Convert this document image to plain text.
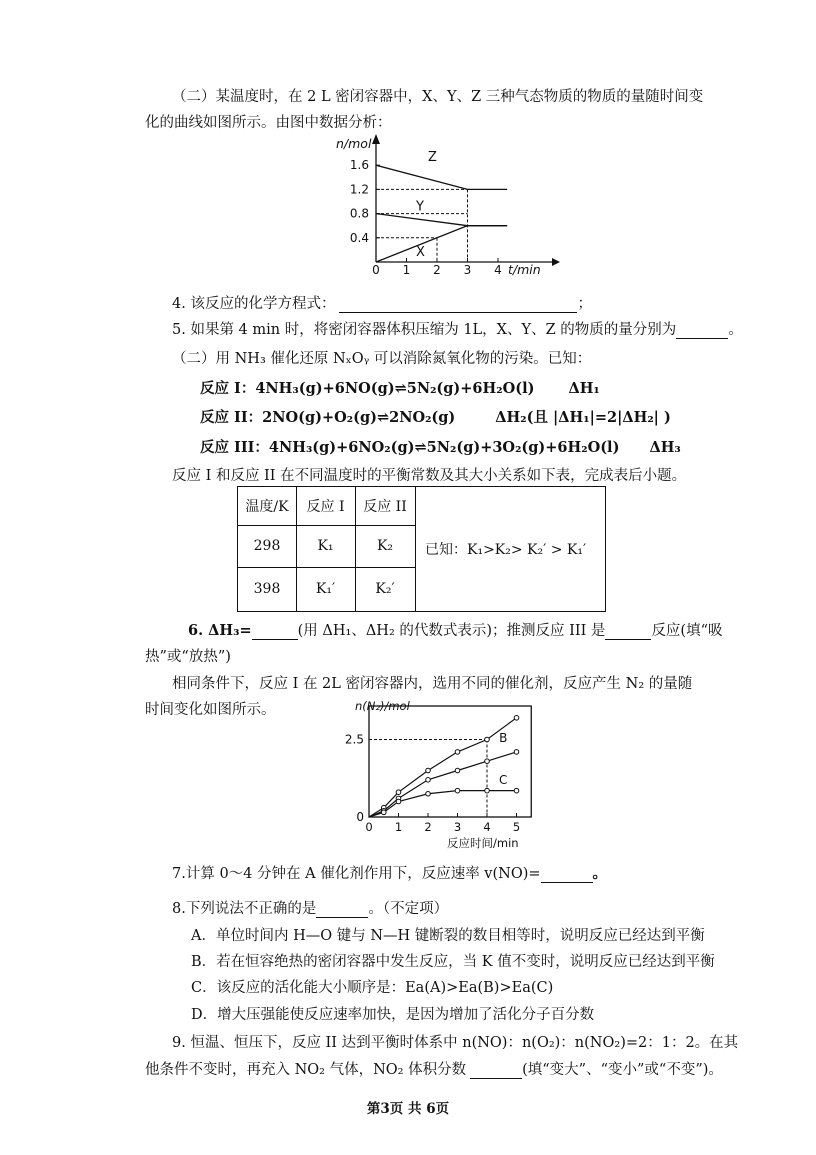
（二）某温度时，在 2 L 密闭容器中，X、Y、Z 三种气态物质的物质的量随时间变
化的曲线如图所示。由图中数据分析：
n/mol
t/min
0.4
0.8
1.2
1.6
0 1 2 3 4
Z
Y
X
4. 该反应的化学方程式：	；
5. 如果第 4 min 时，将密闭容器体积压缩为 1L，X、Y、Z 的物质的量分别为	。
（二）用 NH₃ 催化还原 NₓOᵧ 可以消除氮氧化物的污染。已知：
反应 I：4NH₃(g)+6NO(g)⇌5N₂(g)+6H₂O(l) ΔH₁
反应 II：2NO(g)+O₂(g)⇌2NO₂(g)	ΔH₂(且 |ΔH₁|=2|ΔH₂| )
反应 III：4NH₃(g)+6NO₂(g)⇌5N₂(g)+3O₂(g)+6H₂O(l) ΔH₃
反应 I 和反应 II 在不同温度时的平衡常数及其大小关系如下表，完成表后小题。
温度/K	反应 I	反应 II
298	K₁	K₂
398	K₁′	K₂′
已知：K₁>K₂> K₂′ > K₁′
6. ΔH₃=	(用 ΔH₁、ΔH₂ 的代数式表示)；推测反应 III 是	反应(填“吸
热”或“放热”)
相同条件下，反应 I 在 2L 密闭容器内，选用不同的催化剂，反应产生 N₂ 的量随
时间变化如图所示。	n(N₂)/mol
反应时间/min
0
2.5
0 1 2 3 4 5
B
C
7.计算 0～4 分钟在 A 催化剂作用下，反应速率 v(NO)=	。
8.下列说法不正确的是	。（不定项）
A．单位时间内 H—O 键与 N—H 键断裂的数目相等时，说明反应已经达到平衡
B．若在恒容绝热的密闭容器中发生反应，当 K 值不变时，说明反应已经达到平衡
C．该反应的活化能大小顺序是：Ea(A)>Ea(B)>Ea(C)
D．增大压强能使反应速率加快，是因为增加了活化分子百分数
9. 恒温、恒压下，反应 II 达到平衡时体系中 n(NO)：n(O₂)：n(NO₂)=2：1：2。在其
他条件不变时，再充入 NO₂ 气体，NO₂ 体积分数	(填“变大”、“变小”或“不变”)。
第3页 共 6页
